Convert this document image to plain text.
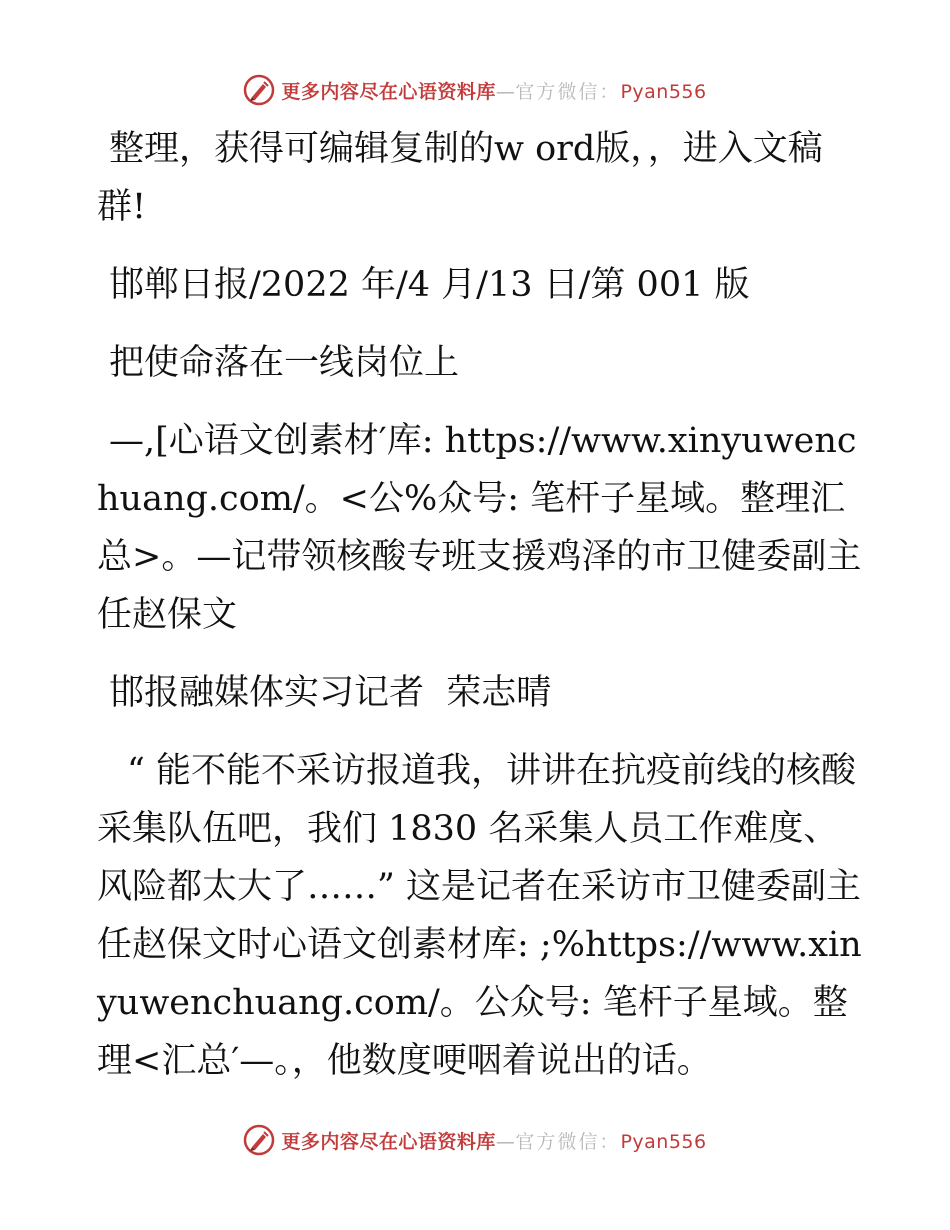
更多内容尽在心语资料库—官方微信：Pyan556

整理，获得可编辑复制的w ord版，，进入文稿群!

邯郸日报/2022 年/4 月/13 日/第 001 版

把使命落在一线岗位上

—,[心语文创素材′库: https://www.xinyuwenchuang.com/。<公%众号: 笔杆子星域。整理汇总>。—记带领核酸专班支援鸡泽的市卫健委副主任赵保文

邯报融媒体实习记者  荣志晴

“ 能不能不采访报道我，讲讲在抗疫前线的核酸采集队伍吧，我们 1830 名采集人员工作难度、风险都太大了……” 这是记者在采访市卫健委副主任赵保文时心语文创素材库: ;%https://www.xinyuwenchuang.com/。公众号: 笔杆子星域。整理<汇总′—。，他数度哽咽着说出的话。

更多内容尽在心语资料库—官方微信：Pyan556
